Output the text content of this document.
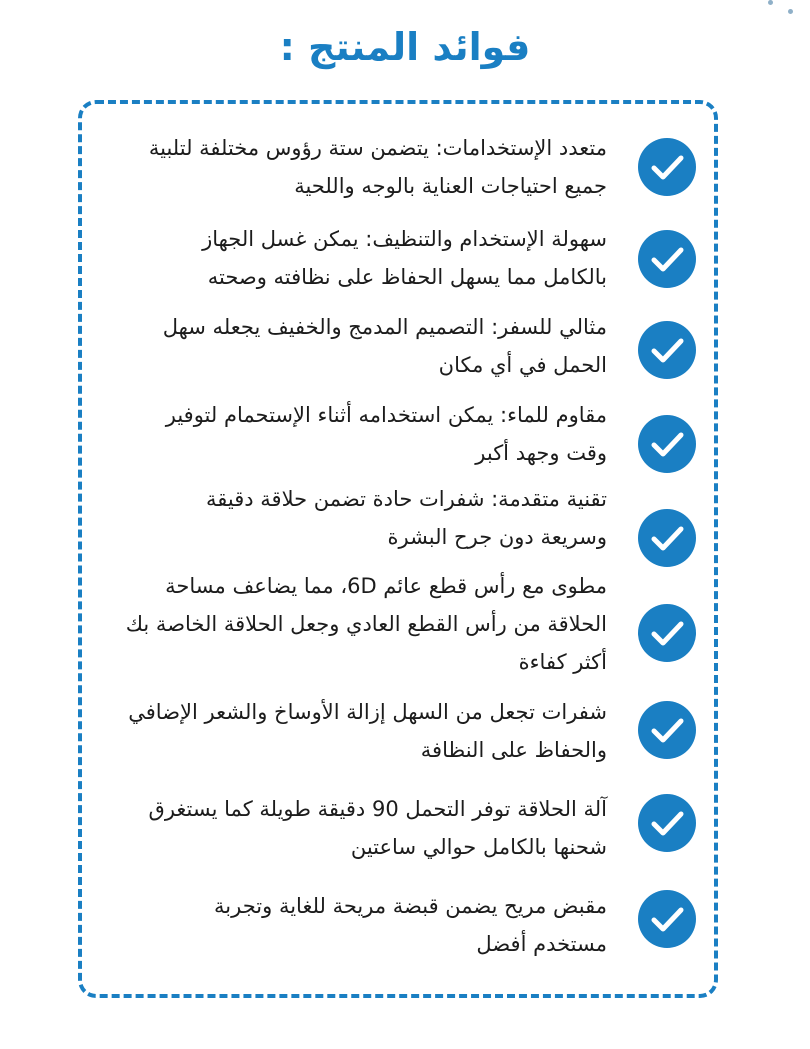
فوائد المنتج :
متعدد الإستخدامات: يتضمن ستة رؤوس مختلفة لتلبية
جميع احتياجات العناية بالوجه واللحية
سهولة الإستخدام والتنظيف: يمكن غسل الجهاز
بالكامل مما يسهل الحفاظ على نظافته وصحته
مثالي للسفر: التصميم المدمج والخفيف يجعله سهل
الحمل في أي مكان
مقاوم للماء: يمكن استخدامه أثناء الإستحمام لتوفير
وقت وجهد أكبر
تقنية متقدمة: شفرات حادة تضمن حلاقة دقيقة
وسريعة دون جرح البشرة
مطوى مع رأس قطع عائم 6D، مما يضاعف مساحة
الحلاقة من رأس القطع العادي وجعل الحلاقة الخاصة بك
أكثر كفاءة
شفرات تجعل من السهل إزالة الأوساخ والشعر الإضافي
والحفاظ على النظافة
آلة الحلاقة توفر التحمل 90 دقيقة طويلة كما يستغرق
شحنها بالكامل حوالي ساعتين
مقبض مريح يضمن قبضة مريحة للغاية وتجربة
مستخدم أفضل
